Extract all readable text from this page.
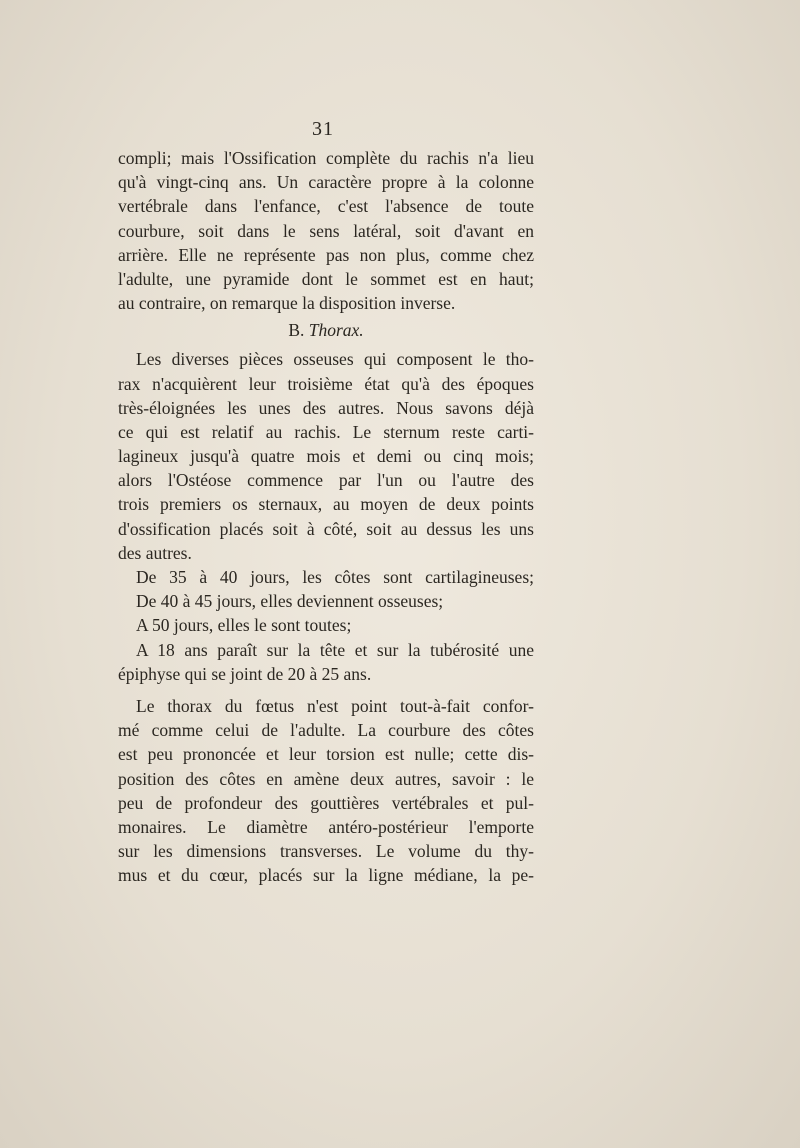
31
compli; mais l'Ossification complète du rachis n'a lieu
qu'à vingt-cinq ans. Un caractère propre à la colonne
vertébrale dans l'enfance, c'est l'absence de toute
courbure, soit dans le sens latéral, soit d'avant en
arrière. Elle ne représente pas non plus, comme chez
l'adulte, une pyramide dont le sommet est en haut;
au contraire, on remarque la disposition inverse.
B. Thorax.
Les diverses pièces osseuses qui composent le tho-
rax n'acquièrent leur troisième état qu'à des époques
très-éloignées les unes des autres. Nous savons déjà
ce qui est relatif au rachis. Le sternum reste carti-
lagineux jusqu'à quatre mois et demi ou cinq mois;
alors l'Ostéose commence par l'un ou l'autre des
trois premiers os sternaux, au moyen de deux points
d'ossification placés soit à côté, soit au dessus les uns
des autres.
De 35 à 40 jours, les côtes sont cartilagineuses;
De 40 à 45 jours, elles deviennent osseuses;
A 50 jours, elles le sont toutes;
A 18 ans paraît sur la tête et sur la tubérosité une
épiphyse qui se joint de 20 à 25 ans.
Le thorax du fœtus n'est point tout-à-fait confor-
mé comme celui de l'adulte. La courbure des côtes
est peu prononcée et leur torsion est nulle; cette dis-
position des côtes en amène deux autres, savoir : le
peu de profondeur des gouttières vertébrales et pul-
monaires. Le diamètre antéro-postérieur l'emporte
sur les dimensions transverses. Le volume du thy-
mus et du cœur, placés sur la ligne médiane, la pe-
